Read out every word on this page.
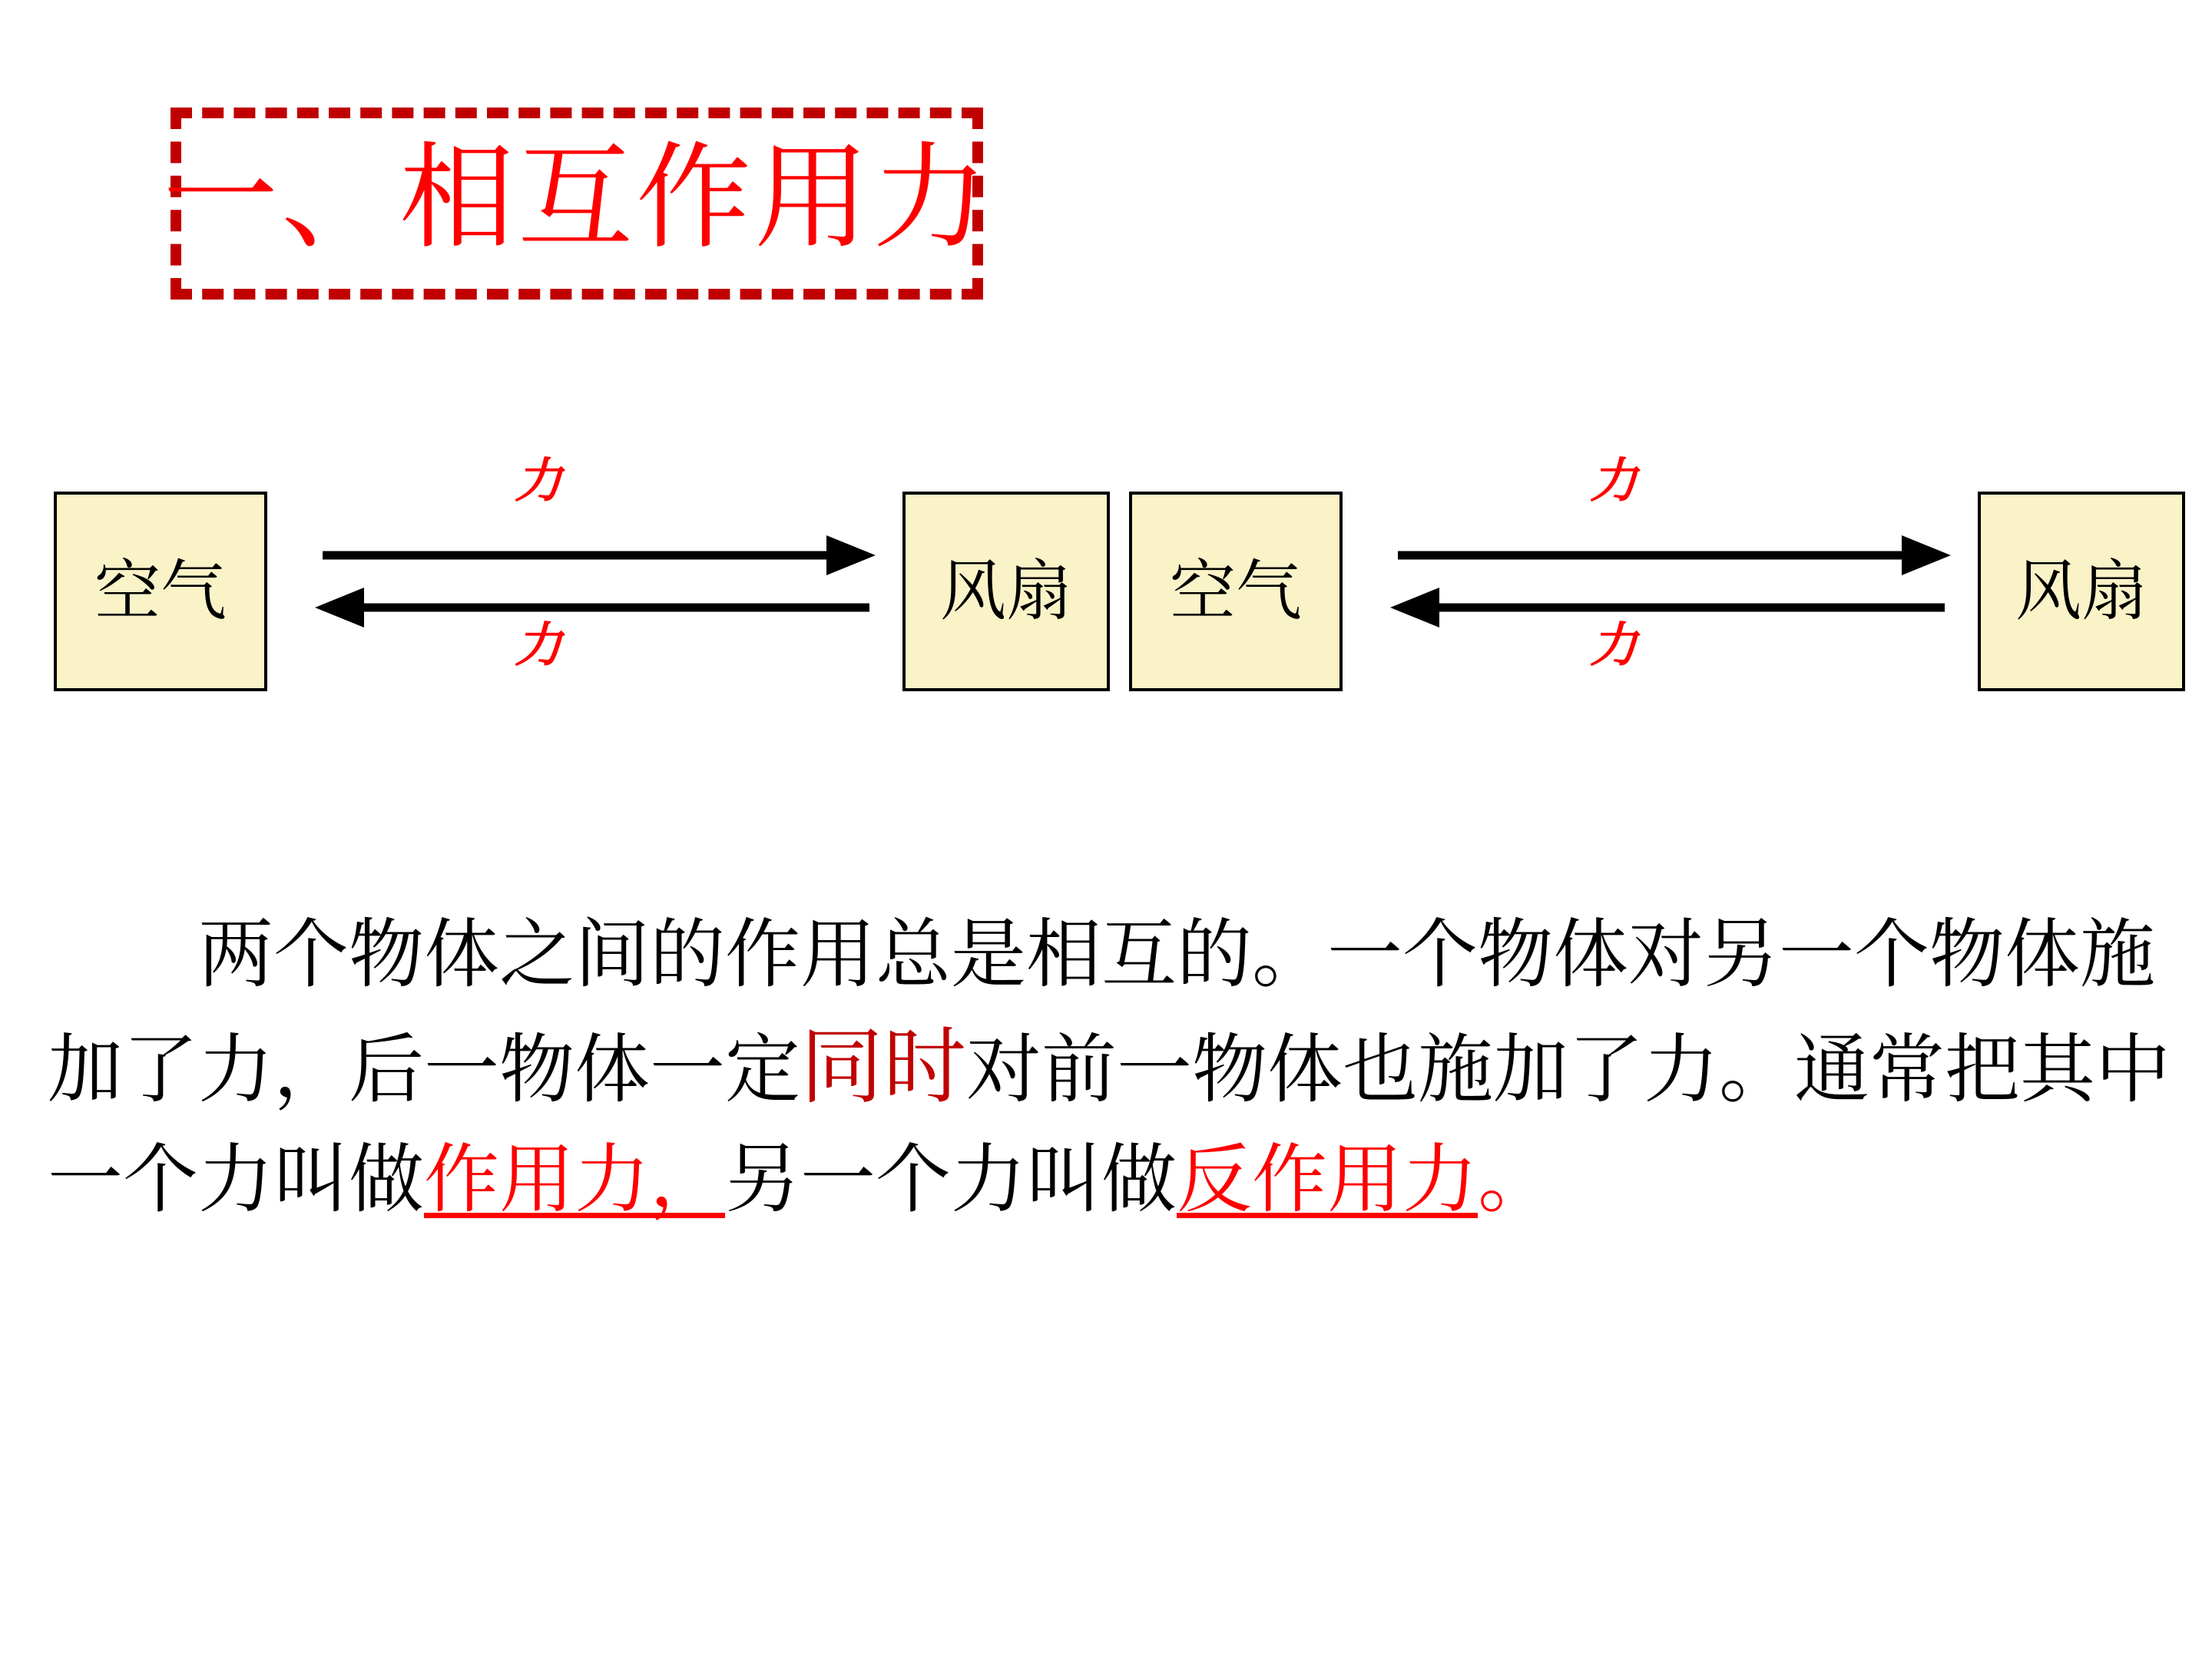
一、相互作用力
空气
力
力
风扇	空气
力
力
风扇
两个物体之间的作用总是相互的。一个物体对另一个物体施加了力，后一物体一定同时对前一物体也施加了力。通常把其中一个力叫做作用力，另一个力叫做反作用力。
